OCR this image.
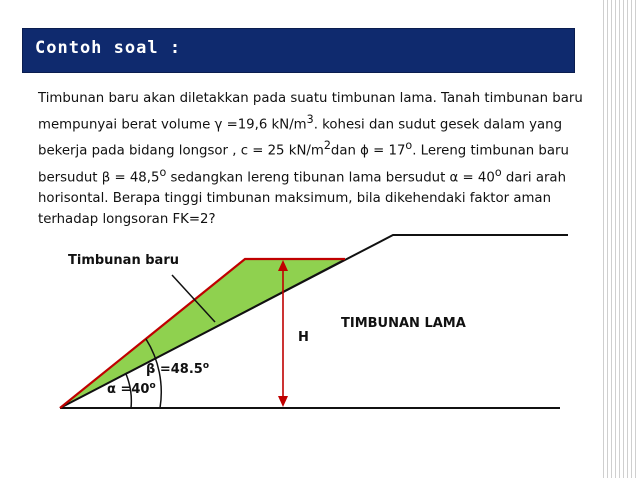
Contoh soal :

Timbunan baru akan diletakkan pada suatu timbunan lama. Tanah timbunan baru
mempunyai berat volume γ =19,6 $kN/m^3$. kohesi dan sudut gesek dalam yang
bekerja pada bidang longsor , c = 25 $kN/m^2dan$ $\phi = 17^o$. Lereng timbunan baru
bersudut $\beta = 48,5^o$ sedangkan lereng tibunan lama bersudut $\alpha = 40^o$ dari arah
horisontal. Berapa tinggi timbunan maksimum, bila dikehendaki faktor aman
terhadap longsoran FK=2?

Timbunan baru
TIMBUNAN LAMA
H
$\beta =48.5^o$
$\alpha =40^o$
